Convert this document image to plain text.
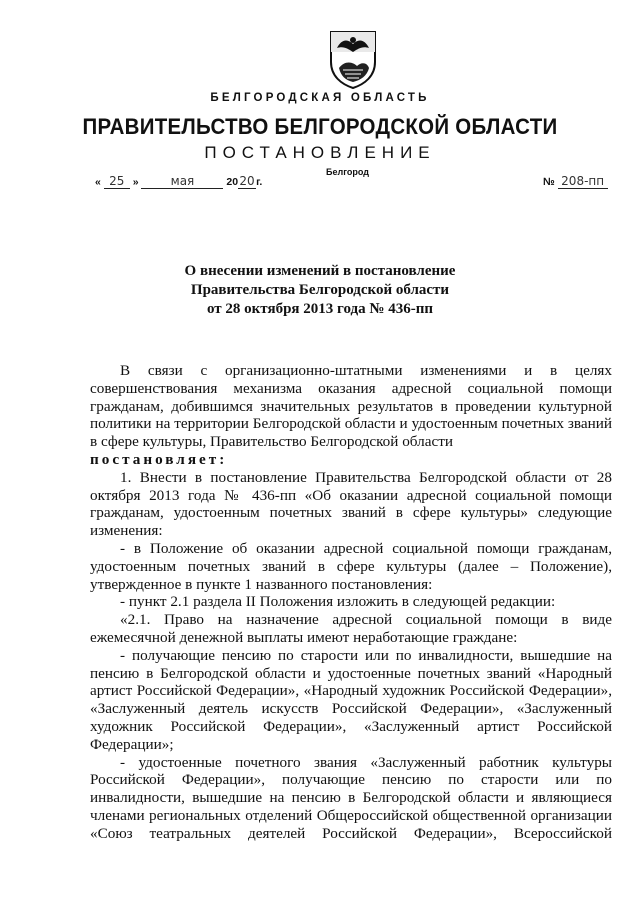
БЕЛГОРОДСКАЯ ОБЛАСТЬ
ПРАВИТЕЛЬСТВО БЕЛГОРОДСКОЙ ОБЛАСТИ
ПОСТАНОВЛЕНИЕ
Белгород
« 25 »	мая	2020г.	№ 208-пп
О внесении изменений в постановление
Правительства Белгородской области
от 28 октября 2013 года № 436-пп

В связи с организационно-штатными изменениями и в целях совершенствования механизма оказания адресной социальной помощи гражданам, добившимся значительных результатов в проведении культурной политики на территории Белгородской области и удостоенным почетных званий в сфере культуры, Правительство Белгородской области

постановляет:

1. Внести в постановление Правительства Белгородской области от 28 октября 2013 года № 436-пп «Об оказании адресной социальной помощи гражданам, удостоенным почетных званий в сфере культуры» следующие изменения:

- в Положение об оказании адресной социальной помощи гражданам, удостоенным почетных званий в сфере культуры (далее – Положение), утвержденное в пункте 1 названного постановления:

- пункт 2.1 раздела II Положения изложить в следующей редакции:

«2.1. Право на назначение адресной социальной помощи в виде ежемесячной денежной выплаты имеют неработающие граждане:

- получающие пенсию по старости или по инвалидности, вышедшие на пенсию в Белгородской области и удостоенные почетных званий «Народный артист Российской Федерации», «Народный художник Российской Федерации», «Заслуженный деятель искусств Российской Федерации», «Заслуженный художник Российской Федерации», «Заслуженный артист Российской Федерации»;

- удостоенные почетного звания «Заслуженный работник культуры Российской Федерации», получающие пенсию по старости или по инвалидности, вышедшие на пенсию в Белгородской области и являющиеся членами региональных отделений Общероссийской общественной организации «Союз театральных деятелей Российской Федерации», Всероссийской
